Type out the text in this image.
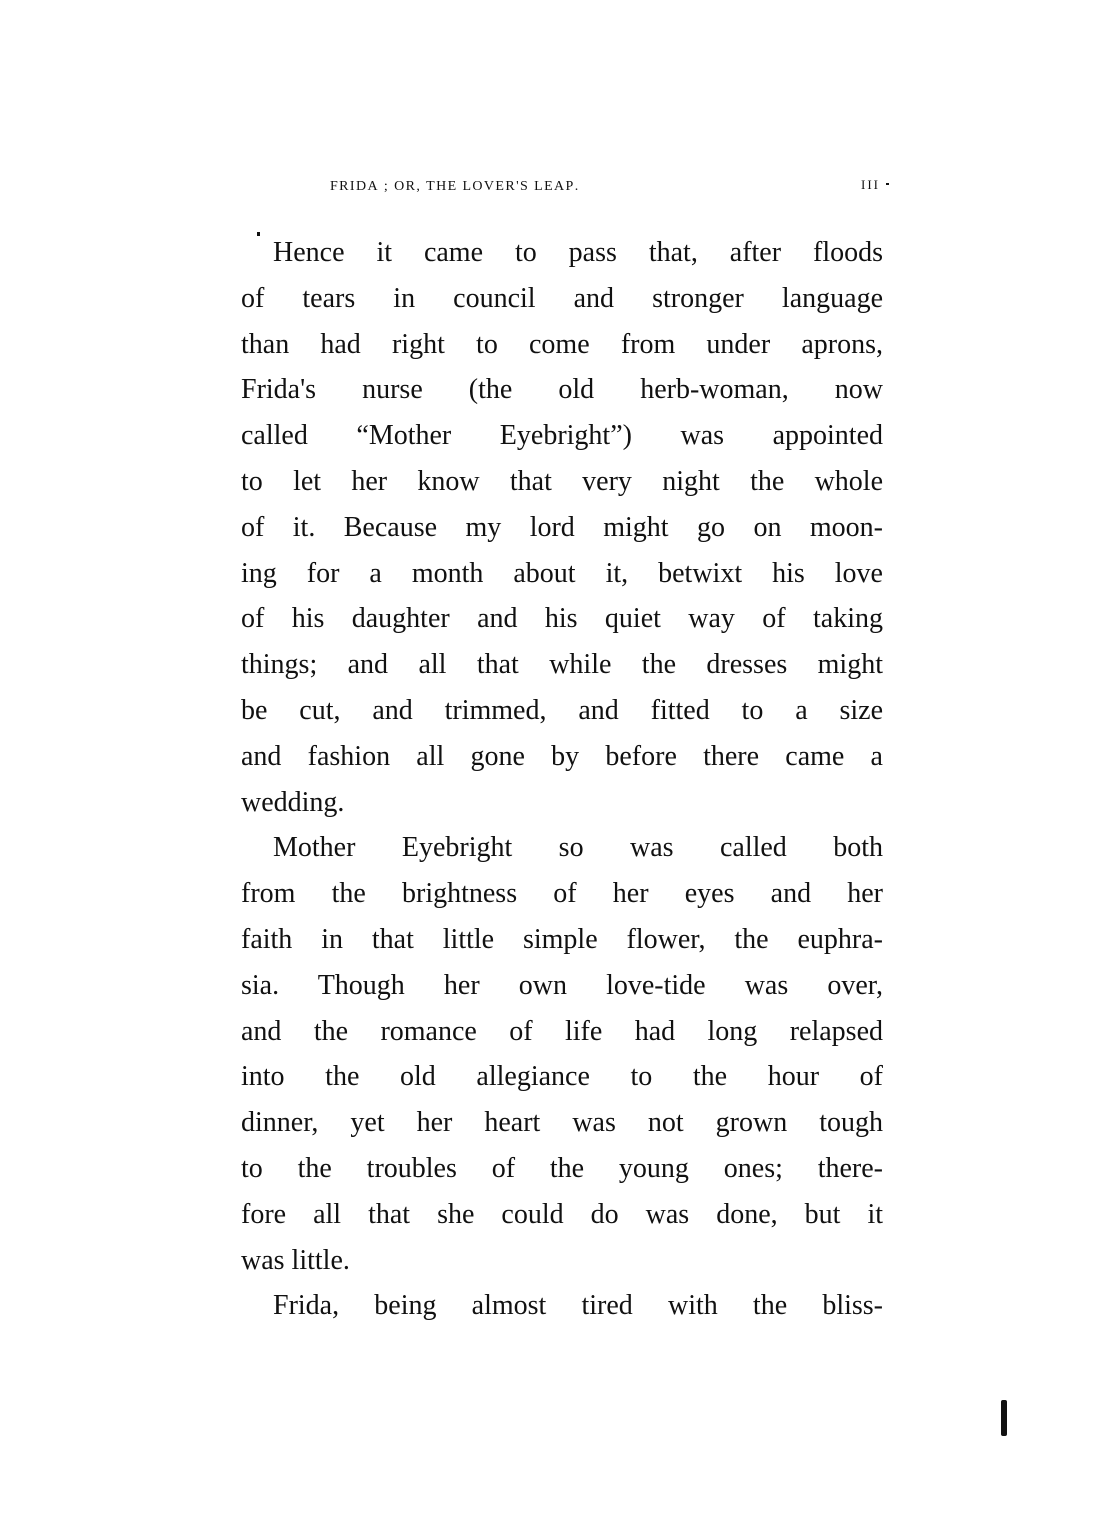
frida ; or, the lover's leap.	III
Hence it came to pass that, after floods
of tears in council and stronger language
than had right to come from under aprons,
Frida's nurse (the old herb-woman, now
called “Mother Eyebright”) was appointed
to let her know that very night the whole
of it. Because my lord might go on moon-
ing for a month about it, betwixt his love
of his daughter and his quiet way of taking
things; and all that while the dresses might
be cut, and trimmed, and fitted to a size
and fashion all gone by before there came a
wedding.
Mother Eyebright so was called both
from the brightness of her eyes and her
faith in that little simple flower, the euphra-
sia. Though her own love-tide was over,
and the romance of life had long relapsed
into the old allegiance to the hour of
dinner, yet her heart was not grown tough
to the troubles of the young ones; there-
fore all that she could do was done, but it
was little.
Frida, being almost tired with the bliss-
